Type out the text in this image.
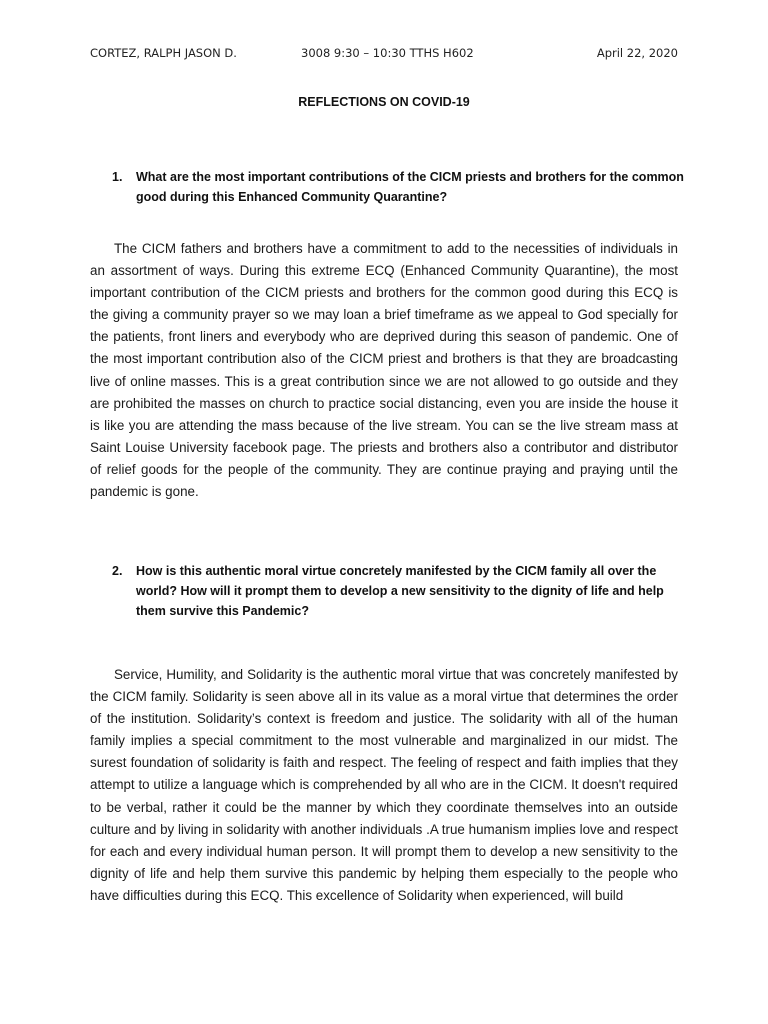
CORTEZ, RALPH JASON D.	3008 9:30 – 10:30 TTHS H602	April 22, 2020
REFLECTIONS ON COVID-19
1. What are the most important contributions of the CICM priests and brothers for the common good during this Enhanced Community Quarantine?

The CICM fathers and brothers have a commitment to add to the necessities of individuals in an assortment of ways. During this extreme ECQ (Enhanced Community Quarantine), the most important contribution of the CICM priests and brothers for the common good during this ECQ is the giving a community prayer so we may loan a brief timeframe as we appeal to God specially for the patients, front liners and everybody who are deprived during this season of pandemic. One of the most important contribution also of the CICM priest and brothers is that they are broadcasting live of online masses. This is a great contribution since we are not allowed to go outside and they are prohibited the masses on church to practice social distancing, even you are inside the house it is like you are attending the mass because of the live stream. You can se the live stream mass at Saint Louise University facebook page. The priests and brothers also a contributor and distributor of relief goods for the people of the community. They are continue praying and praying until the pandemic is gone.

2. How is this authentic moral virtue concretely manifested by the CICM family all over the world? How will it prompt them to develop a new sensitivity to the dignity of life and help them survive this Pandemic?

Service, Humility, and Solidarity is the authentic moral virtue that was concretely manifested by the CICM family. Solidarity is seen above all in its value as a moral virtue that determines the order of the institution. Solidarity’s context is freedom and justice. The solidarity with all of the human family implies a special commitment to the most vulnerable and marginalized in our midst. The surest foundation of solidarity is faith and respect. The feeling of respect and faith implies that they attempt to utilize a language which is comprehended by all who are in the CICM. It doesn't required to be verbal, rather it could be the manner by which they coordinate themselves into an outside culture and by living in solidarity with another individuals .A true humanism implies love and respect for each and every individual human person. It will prompt them to develop a new sensitivity to the dignity of life and help them survive this pandemic by helping them especially to the people who have difficulties during this ECQ. This excellence of Solidarity when experienced, will build
